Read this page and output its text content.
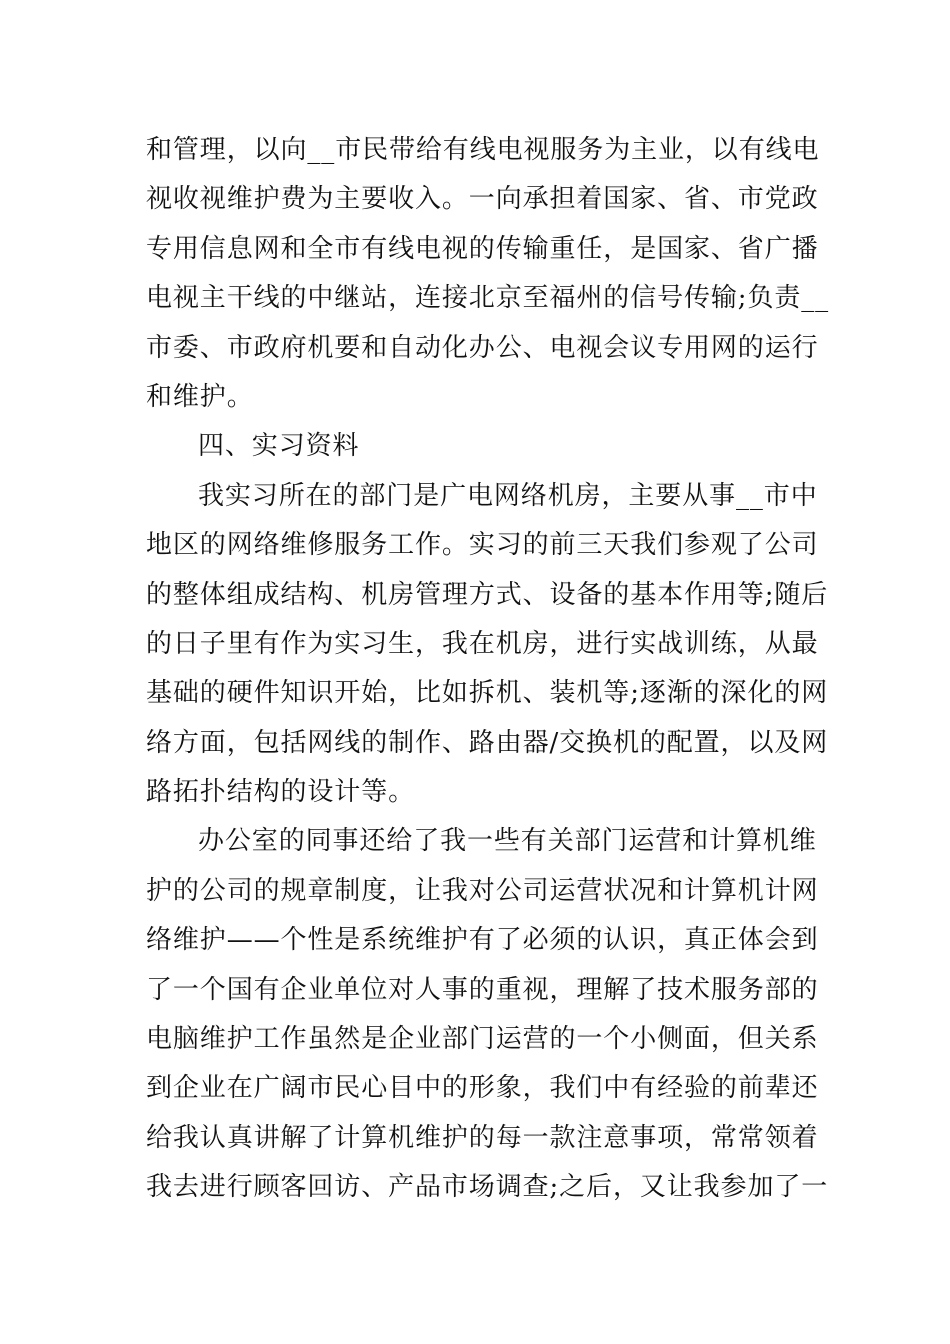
和管理，以向__市民带给有线电视服务为主业，以有线电
视收视维护费为主要收入。一向承担着国家、省、市党政
专用信息网和全市有线电视的传输重任，是国家、省广播
电视主干线的中继站，连接北京至福州的信号传输;负责__
市委、市政府机要和自动化办公、电视会议专用网的运行
和维护。
四、实习资料
我实习所在的部门是广电网络机房，主要从事__市中
地区的网络维修服务工作。实习的前三天我们参观了公司
的整体组成结构、机房管理方式、设备的基本作用等;随后
的日子里有作为实习生，我在机房，进行实战训练，从最
基础的硬件知识开始，比如拆机、装机等;逐渐的深化的网
络方面，包括网线的制作、路由器/交换机的配置，以及网
路拓扑结构的设计等。
办公室的同事还给了我一些有关部门运营和计算机维
护的公司的规章制度，让我对公司运营状况和计算机计网
络维护——个性是系统维护有了必须的认识，真正体会到
了一个国有企业单位对人事的重视，理解了技术服务部的
电脑维护工作虽然是企业部门运营的一个小侧面，但关系
到企业在广阔市民心目中的形象，我们中有经验的前辈还
给我认真讲解了计算机维护的每一款注意事项，常常领着
我去进行顾客回访、产品市场调查;之后，又让我参加了一
